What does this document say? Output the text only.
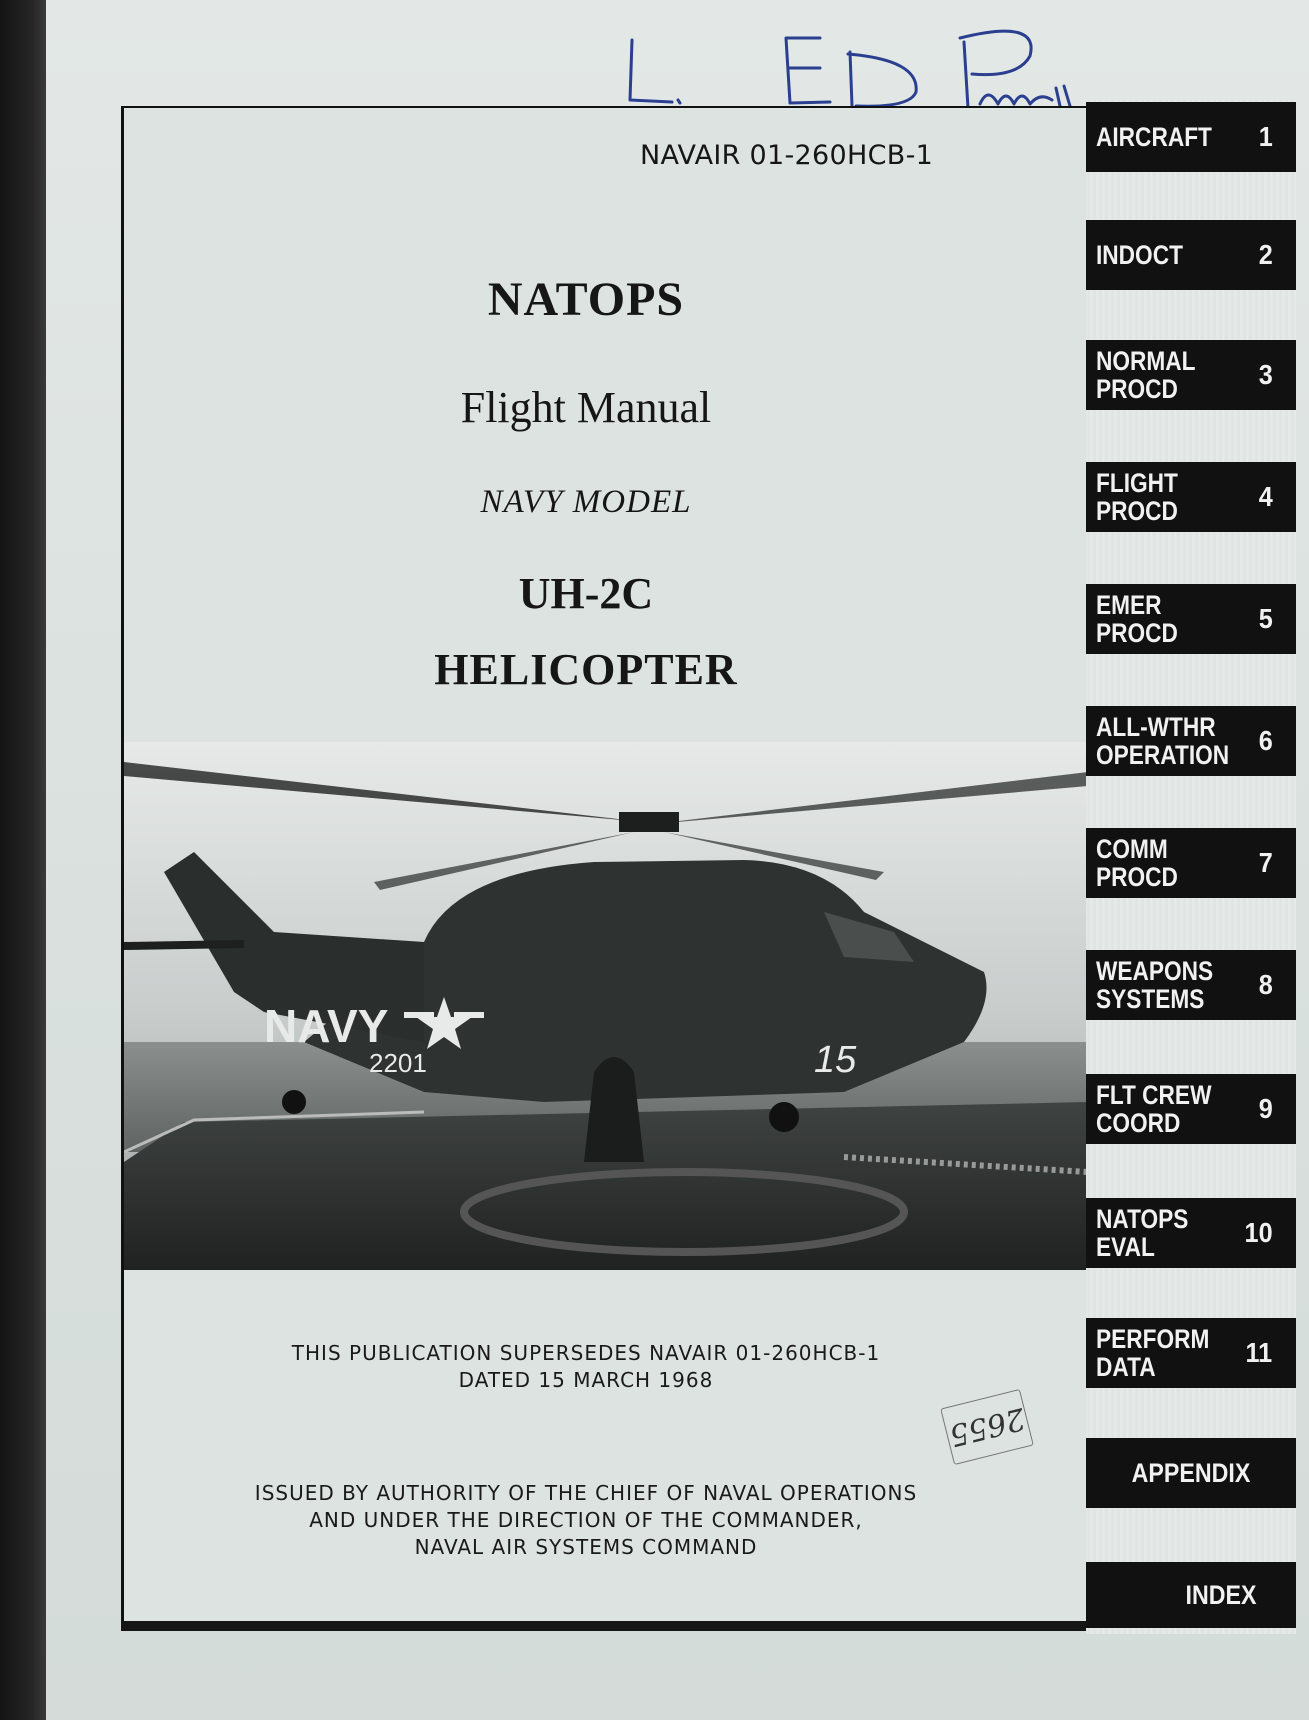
NAVAIR 01-260HCB-1
NATOPS
Flight Manual
NAVY MODEL
UH-2C
HELICOPTER
NAVY
2201	15
THIS PUBLICATION SUPERSEDES NAVAIR 01-260HCB-1
DATED 15 MARCH 1968
2655
ISSUED BY AUTHORITY OF THE CHIEF OF NAVAL OPERATIONS
AND UNDER THE DIRECTION OF THE COMMANDER,
NAVAL AIR SYSTEMS COMMAND
AIRCRAFT 1
INDOCT	2
NORMAL
PROCD	3
FLIGHT
PROCD	4
EMER
PROCD	5
ALL-WTHR
OPERATION 6
COMM
PROCD	7
WEAPONS
SYSTEMS	8
FLT CREW
COORD	9
NATOPS
EVAL	10
PERFORM
DATA	11
APPENDIX
INDEX
